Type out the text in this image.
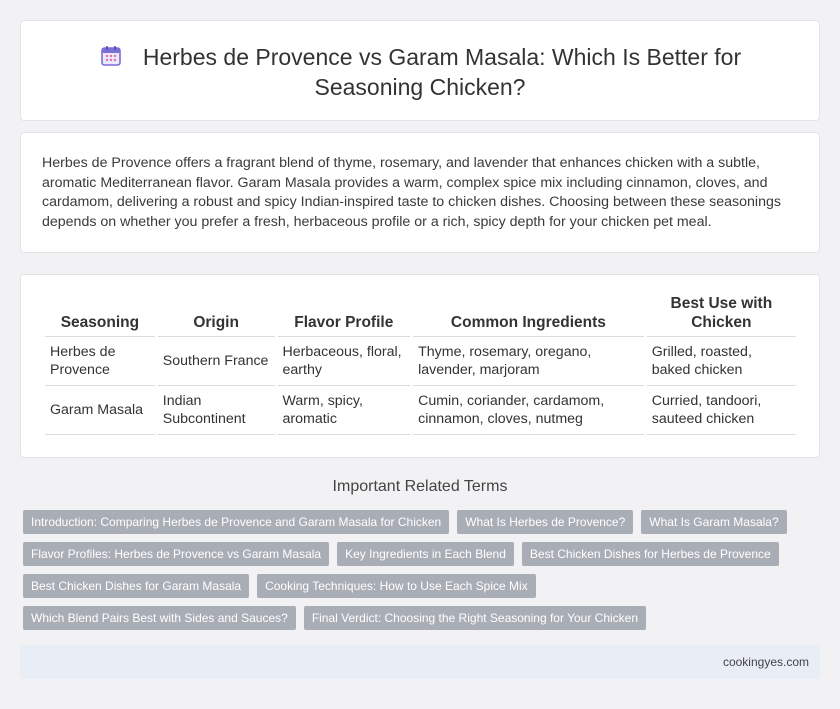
Herbes de Provence vs Garam Masala: Which Is Better for
Seasoning Chicken?

Herbes de Provence offers a fragrant blend of thyme, rosemary, and lavender that enhances chicken with a subtle, aromatic Mediterranean flavor. Garam Masala provides a warm, complex spice mix including cinnamon, cloves, and cardamom, delivering a robust and spicy Indian-inspired taste to chicken dishes. Choosing between these seasonings depends on whether you prefer a fresh, herbaceous profile or a rich, spicy depth for your chicken pet meal.

Seasoning	Origin	Flavor Profile	Common Ingredients	Best Use with Chicken
Herbes de Provence	Southern France	Herbaceous, floral, earthy	Thyme, rosemary, oregano, lavender, marjoram	Grilled, roasted, baked chicken
Garam Masala	Indian Subcontinent	Warm, spicy, aromatic	Cumin, coriander, cardamom, cinnamon, cloves, nutmeg	Curried, tandoori, sauteed chicken
Important Related Terms
Introduction: Comparing Herbes de Provence and Garam Masala for Chicken	What Is Herbes de Provence?	What Is Garam Masala?
Flavor Profiles: Herbes de Provence vs Garam Masala	Key Ingredients in Each Blend	Best Chicken Dishes for Herbes de Provence
Best Chicken Dishes for Garam Masala	Cooking Techniques: How to Use Each Spice Mix
Which Blend Pairs Best with Sides and Sauces?	Final Verdict: Choosing the Right Seasoning for Your Chicken
cookingyes.com
